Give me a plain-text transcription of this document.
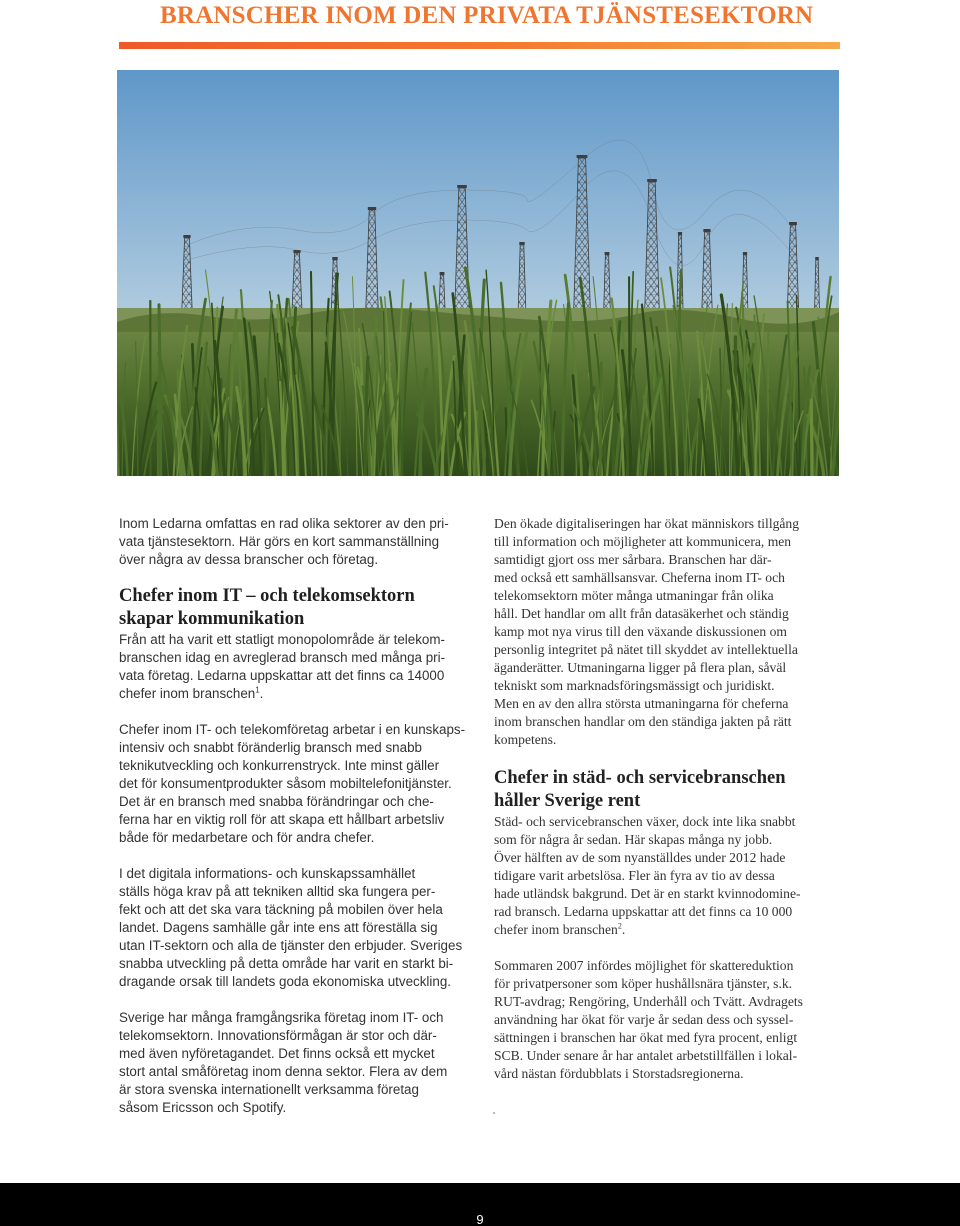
BRANSCHER INOM DEN PRIVATA TJÄNSTESEKTORN
Inom Ledarna omfattas en rad olika sektorer av den pri-
vata tjänstesektorn. Här görs en kort sammanställning
över några av dessa branscher och företag.
Chefer inom IT – och telekomsektorn
skapar kommunikation
Från att ha varit ett statligt monopolområde är telekom-
branschen idag en avreglerad bransch med många pri-
vata företag. Ledarna uppskattar att det finns ca 14000
chefer inom branschen$^1$.
Chefer inom IT- och telekomföretag arbetar i en kunskaps-
intensiv och snabbt föränderlig bransch med snabb
teknikutveckling och konkurrenstryck. Inte minst gäller
det för konsumentprodukter såsom mobiltelefonitjänster.
Det är en bransch med snabba förändringar och che-
ferna har en viktig roll för att skapa ett hållbart arbetsliv
både för medarbetare och för andra chefer.
I det digitala informations- och kunskapssamhället
ställs höga krav på att tekniken alltid ska fungera per-
fekt och att det ska vara täckning på mobilen över hela
landet. Dagens samhälle går inte ens att föreställa sig
utan IT-sektorn och alla de tjänster den erbjuder. Sveriges
snabba utveckling på detta område har varit en starkt bi-
dragande orsak till landets goda ekonomiska utveckling.
Sverige har många framgångsrika företag inom IT- och
telekomsektorn. Innovationsförmågan är stor och där-
med även nyföretagandet. Det finns också ett mycket
stort antal småföretag inom denna sektor. Flera av dem
är stora svenska internationellt verksamma företag
såsom Ericsson och Spotify.
Den ökade digitaliseringen har ökat människors tillgång
till information och möjligheter att kommunicera, men
samtidigt gjort oss mer sårbara. Branschen har där-
med också ett samhällsansvar. Cheferna inom IT- och
telekomsektorn möter många utmaningar från olika
håll. Det handlar om allt från datasäkerhet och ständig
kamp mot nya virus till den växande diskussionen om
personlig integritet på nätet till skyddet av intellektuella
äganderätter. Utmaningarna ligger på flera plan, såväl
tekniskt som marknadsföringsmässigt och juridiskt.
Men en av den allra största utmaningarna för cheferna
inom branschen handlar om den ständiga jakten på rätt
kompetens.
Chefer in städ- och servicebranschen
håller Sverige rent
Städ- och servicebranschen växer, dock inte lika snabbt
som för några år sedan. Här skapas många ny jobb.
Över hälften av de som nyanställdes under 2012 hade
tidigare varit arbetslösa. Fler än fyra av tio av dessa
hade utländsk bakgrund. Det är en starkt kvinnodomine-
rad bransch. Ledarna uppskattar att det finns ca 10 000
chefer inom branschen$^2$.
Sommaren 2007 infördes möjlighet för skattereduktion
för privatpersoner som köper hushållsnära tjänster, s.k.
RUT-avdrag; Rengöring, Underhåll och Tvätt. Avdragets
användning har ökat för varje år sedan dess och syssel-
sättningen i branschen har ökat med fyra procent, enligt
SCB. Under senare år har antalet arbetstillfällen i lokal-
vård nästan fördubblats i Storstadsregionerna.
9
